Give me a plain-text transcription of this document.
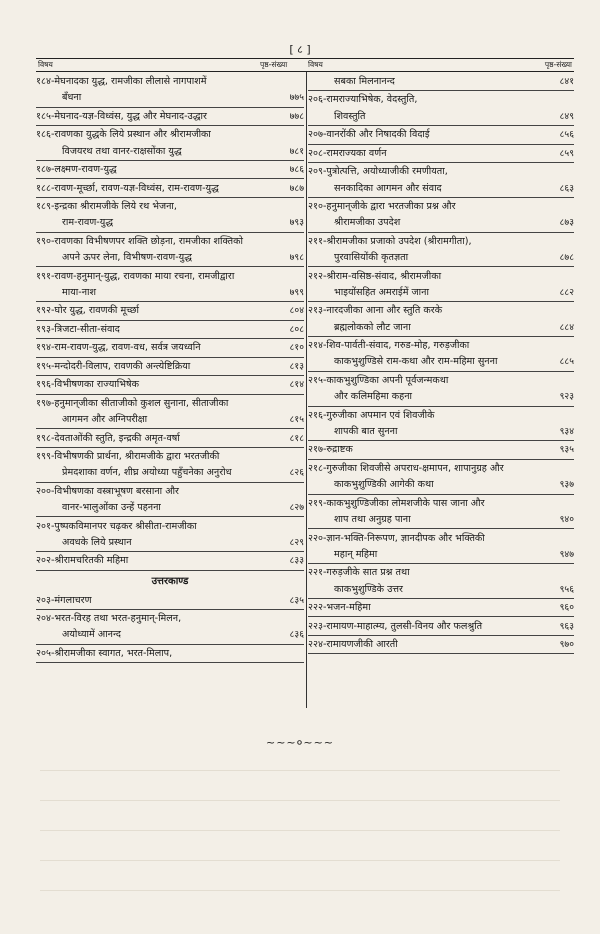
[ ८ ]
विषय	पृष्ठ-संख्या	विषय	पृष्ठ-संख्या
१८४-मेघनादका युद्ध, रामजीका लीलासे नागपाशमें
बँधना	७७५
१८५-मेघनाद-यज्ञ-विध्वंस, युद्ध और मेघनाद-उद्धार	७७८
१८६-रावणका युद्धके लिये प्रस्थान और श्रीरामजीका
विजयरथ तथा वानर-राक्षसोंका युद्ध	७८१
१८७-लक्ष्मण-रावण-युद्ध	७८६
१८८-रावण-मूर्च्छा, रावण-यज्ञ-विध्वंस, राम-रावण-युद्ध	७८७
१८९-इन्द्रका श्रीरामजीके लिये रथ भेजना,
राम-रावण-युद्ध	७९३
१९०-रावणका विभीषणपर शक्ति छोड़ना, रामजीका शक्तिको
अपने ऊपर लेना, विभीषण-रावण-युद्ध	७९८
१९१-रावण-हनुमान्-युद्ध, रावणका माया रचना, रामजीद्वारा
माया-नाश	७९९
१९२-घोर युद्ध, रावणकी मूर्च्छा	८०४
१९३-त्रिजटा-सीता-संवाद	८०८
१९४-राम-रावण-युद्ध, रावण-वध, सर्वत्र जयध्वनि	८१०
१९५-मन्दोदरी-विलाप, रावणकी अन्त्येष्टिक्रिया	८१३
१९६-विभीषणका राज्याभिषेक	८१४
१९७-हनुमान्‌जीका सीताजीको कुशल सुनाना, सीताजीका
आगमन और अग्निपरीक्षा	८१५
१९८-देवताओंकी स्तुति, इन्द्रकी अमृत-वर्षा	८१८
१९९-विभीषणकी प्रार्थना, श्रीरामजीके द्वारा भरतजीकी
प्रेमदशाका वर्णन, शीघ्र अयोध्या पहुँचनेका अनुरोध	८२६
२००-विभीषणका वस्त्राभूषण बरसाना और
वानर-भालुओंका उन्हें पहनना	८२७
२०१-पुष्पकविमानपर चढ़कर श्रीसीता-रामजीका
अवधके लिये प्रस्थान	८२९
२०२-श्रीरामचरितकी महिमा	८३३
उत्तरकाण्ड
२०३-मंगलाचरण	८३५
२०४-भरत-विरह तथा भरत-हनुमान्-मिलन,
अयोध्यामें आनन्द	८३६
२०५-श्रीरामजीका स्वागत, भरत-मिलाप,
सबका मिलनानन्द	८४१
२०६-रामराज्याभिषेक, वेदस्तुति,
शिवस्तुति	८४९
२०७-वानरोंकी और निषादकी विदाई	८५६
२०८-रामराज्यका वर्णन	८५९
२०९-पुत्रोत्पत्ति, अयोध्याजीकी रमणीयता,
सनकादिका आगमन और संवाद	८६३
२१०-हनुमान्‌जीके द्वारा भरतजीका प्रश्न और
श्रीरामजीका उपदेश	८७३
२११-श्रीरामजीका प्रजाको उपदेश (श्रीरामगीता),
पुरवासियोंकी कृतज्ञता	८७८
२१२-श्रीराम-वसिष्ठ-संवाद, श्रीरामजीका
भाइयोंसहित अमराईमें जाना	८८२
२१३-नारदजीका आना और स्तुति करके
ब्रह्मलोकको लौट जाना	८८४
२१४-शिव-पार्वती-संवाद, गरुड-मोह, गरुड़जीका
काकभुशुण्डिसे राम-कथा और राम-महिमा सुनना	८८५
२१५-काकभुशुण्डिका अपनी पूर्वजन्मकथा
और कलिमहिमा कहना	९२३
२१६-गुरुजीका अपमान एवं शिवजीके
शापकी बात सुनना	९३४
२१७-रुद्राष्टक	९३५
२१८-गुरुजीका शिवजीसे अपराध-क्षमापन, शापानुग्रह और
काकभुशुण्डिकी आगेकी कथा	९३७
२१९-काकभुशुण्डिजीका लोमशजीके पास जाना और
शाप तथा अनुग्रह पाना	९४०
२२०-ज्ञान-भक्ति-निरूपण, ज्ञानदीपक और भक्तिकी
महान् महिमा	९४७
२२१-गरुड़जीके सात प्रश्न तथा
काकभुशुण्डिके उत्तर	९५६
२२२-भजन-महिमा	९६०
२२३-रामायण-माहात्म्य, तुलसी-विनय और फलश्रुति	९६३
२२४-रामायणजीकी आरती	९७०
~~~०~~~
